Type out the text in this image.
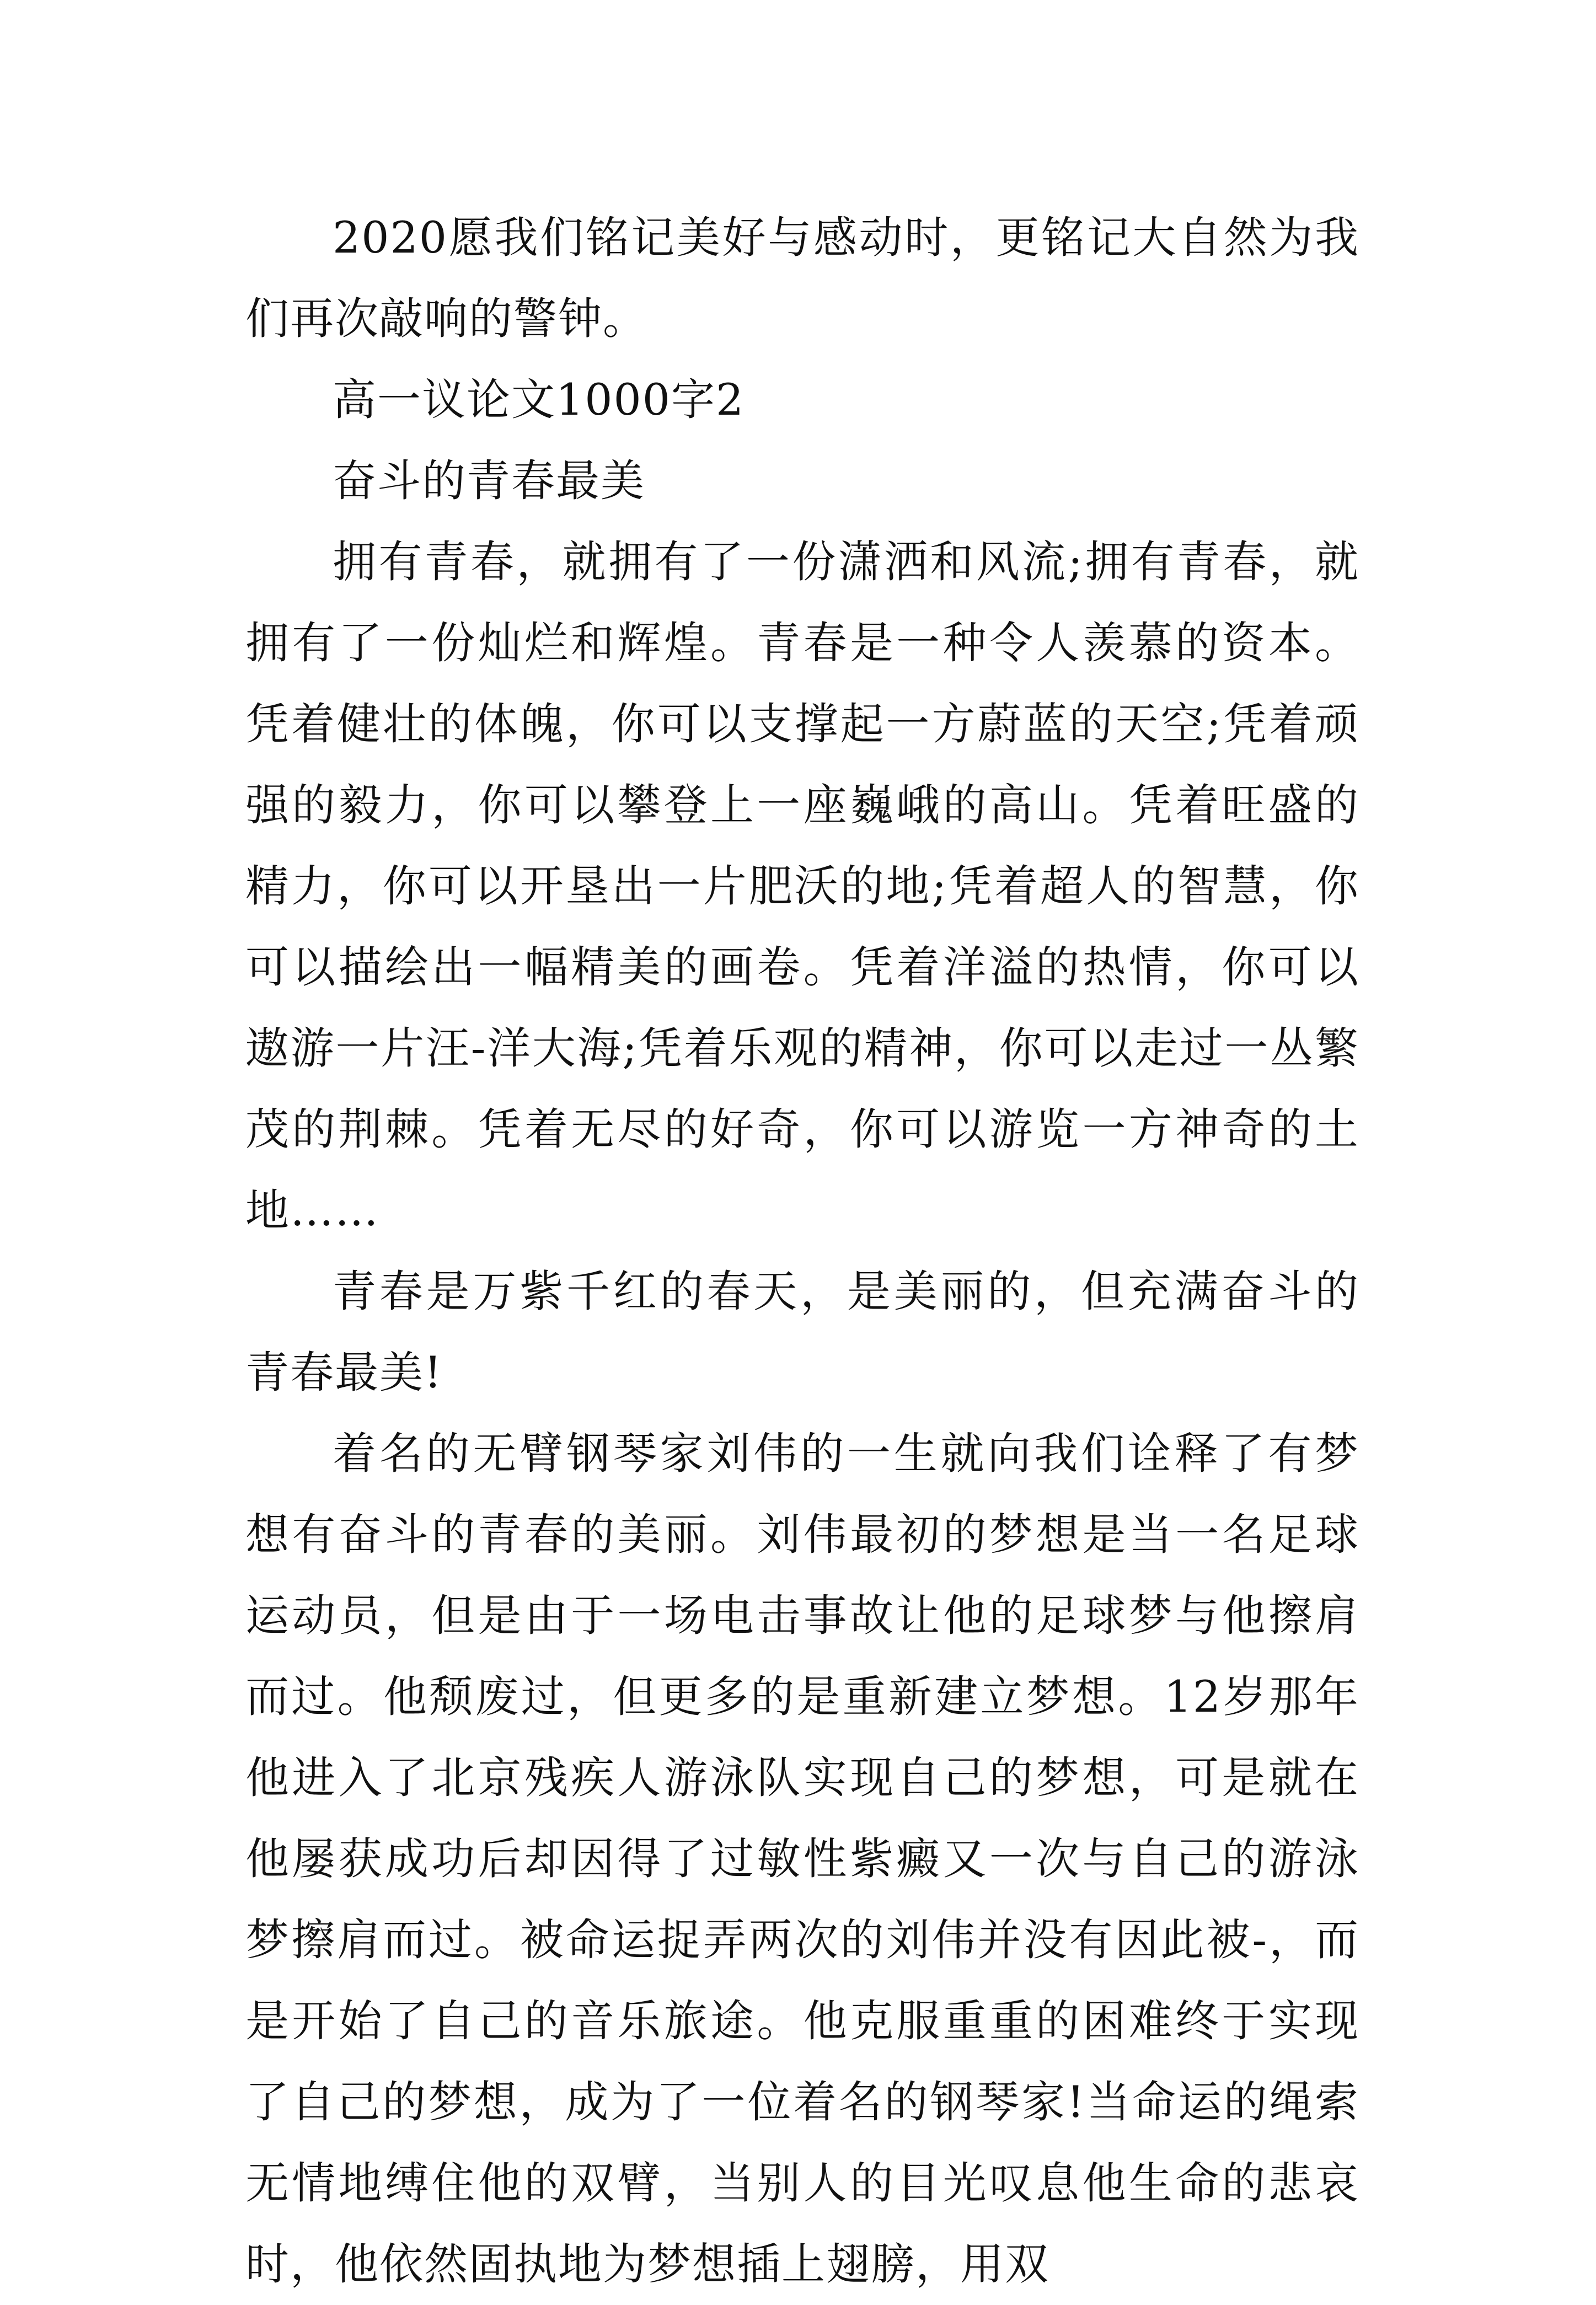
2020愿我们铭记美好与感动时，更铭记大自然为我们再次敲响的警钟。

高一议论文1000字2

奋斗的青春最美

拥有青春，就拥有了一份潇洒和风流;拥有青春，就拥有了一份灿烂和辉煌。青春是一种令人羡慕的资本。凭着健壮的体魄，你可以支撑起一方蔚蓝的天空;凭着顽强的毅力，你可以攀登上一座巍峨的高山。凭着旺盛的精力，你可以开垦出一片肥沃的地;凭着超人的智慧，你可以描绘出一幅精美的画卷。凭着洋溢的热情，你可以遨游一片汪-洋大海;凭着乐观的精神，你可以走过一丛繁茂的荆棘。凭着无尽的好奇，你可以游览一方神奇的土地……

青春是万紫千红的春天，是美丽的，但充满奋斗的青春最美!

着名的无臂钢琴家刘伟的一生就向我们诠释了有梦想有奋斗的青春的美丽。刘伟最初的梦想是当一名足球运动员，但是由于一场电击事故让他的足球梦与他擦肩而过。他颓废过，但更多的是重新建立梦想。12岁那年他进入了北京残疾人游泳队实现自己的梦想，可是就在他屡获成功后却因得了过敏性紫癜又一次与自己的游泳梦擦肩而过。被命运捉弄两次的刘伟并没有因此被-，而是开始了自己的音乐旅途。他克服重重的困难终于实现了自己的梦想，成为了一位着名的钢琴家!当命运的绳索无情地缚住他的双臂，当别人的目光叹息他生命的悲哀时，他依然固执地为梦想插上翅膀，用双
